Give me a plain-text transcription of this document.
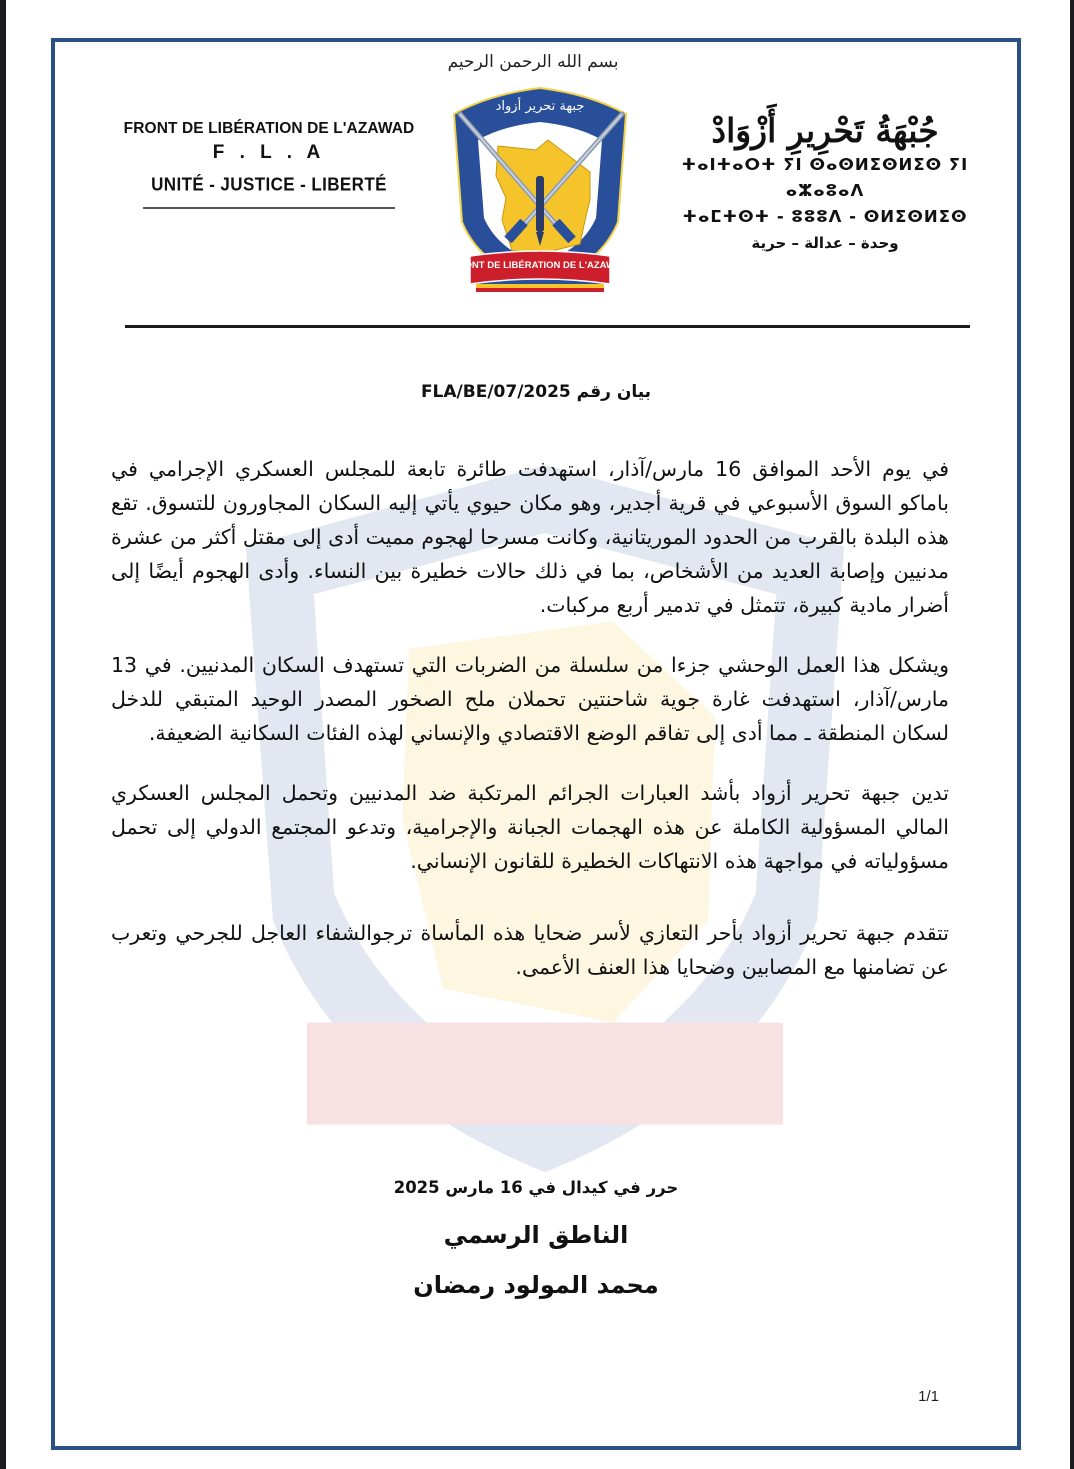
FRONT DE LIBÉRATION DE L'AZAWAD
F . L . A
UNITÉ - JUSTICE - LIBERTÉ
بسم الله الرحمن الرحيم
جبهة تحرير أزواد
FRONT DE LIBÉRATION DE L'AZAWAD
جُبْهَةُ تَحْرِيرِ أَزْوَادْ
ⵜⴰⵏⵜⴰⵔⵜ ⵢⵏ ⵙⴰⵙⵍⵉⵙⵍⵉⵙ ⵢⵏ ⴰⵣⴰⵓⴰⴷ
ⵜⴰⵎⵜⵙⵜ - ⵓⵓⵓⴷ - ⵙⵍⵉⵙⵍⵉⵙ
وحدة – عدالة – حرية
بيان رقم 2025/FLA/BE/07

في يوم الأحد الموافق 16 مارس/آذار، استهدفت طائرة تابعة للمجلس العسكري الإجرامي في باماكو السوق الأسبوعي في قرية أجدير، وهو مكان حيوي يأتي إليه السكان المجاورون للتسوق. تقع هذه البلدة بالقرب من الحدود الموريتانية، وكانت مسرحا لهجوم مميت أدى إلى مقتل أكثر من عشرة مدنيين وإصابة العديد من الأشخاص، بما في ذلك حالات خطيرة بين النساء. وأدى الهجوم أيضًا إلى أضرار مادية كبيرة، تتمثل في تدمير أربع مركبات.

ويشكل هذا العمل الوحشي جزءا من سلسلة من الضربات التي تستهدف السكان المدنيين. في 13 مارس/آذار، استهدفت غارة جوية شاحنتين تحملان ملح الصخور المصدر الوحيد المتبقي للدخل لسكان المنطقة ـ مما أدى إلى تفاقم الوضع الاقتصادي والإنساني لهذه الفئات السكانية الضعيفة.

تدين جبهة تحرير أزواد بأشد العبارات الجرائم المرتكبة ضد المدنيين وتحمل المجلس العسكري المالي المسؤولية الكاملة عن هذه الهجمات الجبانة والإجرامية، وتدعو المجتمع الدولي إلى تحمل مسؤولياته في مواجهة هذه الانتهاكات الخطيرة للقانون الإنساني.

تتقدم جبهة تحرير أزواد بأحر التعازي لأسر ضحايا هذه المأساة ترجوالشفاء العاجل للجرحي وتعرب عن تضامنها مع المصابين وضحايا هذا العنف الأعمى.

حرر في كيدال في 16 مارس 2025
الناطق الرسمي
محمد المولود رمضان
1/1
